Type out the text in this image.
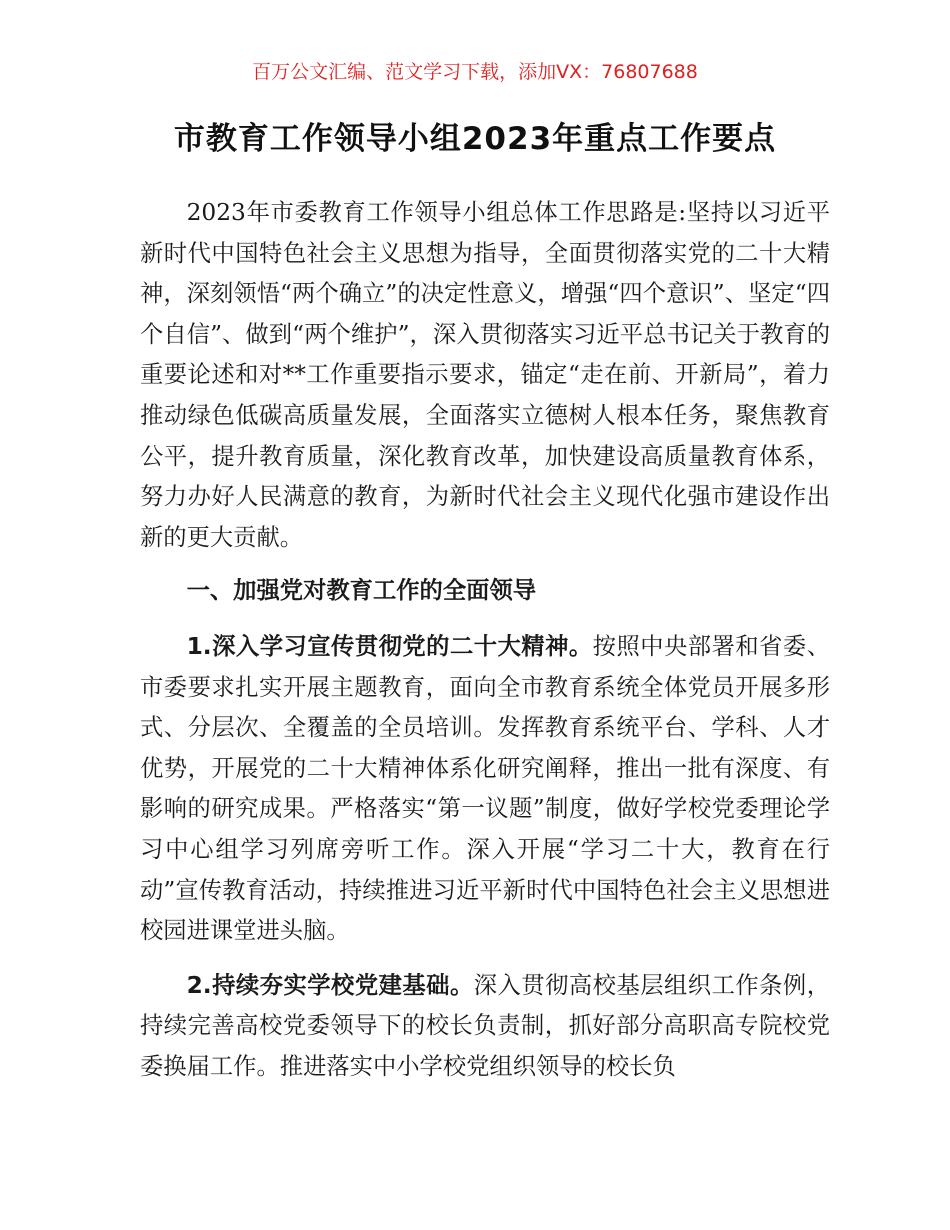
百万公文汇编、范文学习下载，添加VX：76807688
市教育工作领导小组2023年重点工作要点

2023年市委教育工作领导小组总体工作思路是:坚持以习近平新时代中国特色社会主义思想为指导，全面贯彻落实党的二十大精神，深刻领悟“两个确立”的决定性意义，增强“四个意识”、坚定“四个自信”、做到“两个维护”，深入贯彻落实习近平总书记关于教育的重要论述和对**工作重要指示要求，锚定“走在前、开新局”，着力推动绿色低碳高质量发展，全面落实立德树人根本任务，聚焦教育公平，提升教育质量，深化教育改革，加快建设高质量教育体系，努力办好人民满意的教育，为新时代社会主义现代化强市建设作出新的更大贡献。

一、加强党对教育工作的全面领导

1.深入学习宣传贯彻党的二十大精神。按照中央部署和省委、市委要求扎实开展主题教育，面向全市教育系统全体党员开展多形式、分层次、全覆盖的全员培训。发挥教育系统平台、学科、人才优势，开展党的二十大精神体系化研究阐释，推出一批有深度、有影响的研究成果。严格落实“第一议题”制度，做好学校党委理论学习中心组学习列席旁听工作。深入开展“学习二十大，教育在行动”宣传教育活动，持续推进习近平新时代中国特色社会主义思想进校园进课堂进头脑。

2.持续夯实学校党建基础。深入贯彻高校基层组织工作条例，持续完善高校党委领导下的校长负责制，抓好部分高职高专院校党委换届工作。推进落实中小学校党组织领导的校长负
